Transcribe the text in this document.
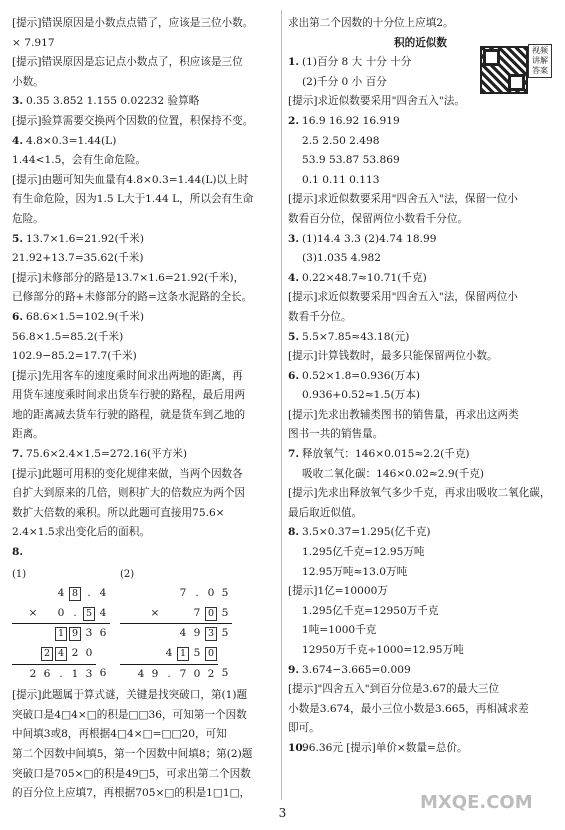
[提示]错误原因是小数点点错了，应该是三位小数。
× 7.917
[提示]错误原因是忘记点小数点了，积应该是三位
小数。
3. 0.35 3.852 1.155 0.02232 验算略
[提示]验算需要交换两个因数的位置，积保持不变。
4. 4.8×0.3=1.44(L)
1.44<1.5，会有生命危险。
[提示]由题可知失血量有4.8×0.3=1.44(L)以上时
有生命危险，因为1.5 L大于1.44 L，所以会有生命
危险。
5. 13.7×1.6=21.92(千米)
21.92+13.7=35.62(千米)
[提示]未修部分的路是13.7×1.6=21.92(千米)，
已修部分的路+未修部分的路=这条水泥路的全长。
6. 68.6×1.5=102.9(千米)
56.8×1.5=85.2(千米)
102.9−85.2=17.7(千米)
[提示]先用客车的速度乘时间求出两地的距离，再
用货车速度乘时间求出货车行驶的路程，最后用两
地的距离减去货车行驶的路程，就是货车到乙地的
距离。
7. 75.6×2.4×1.5=272.16(平方米)
[提示]此题可用积的变化规律来做，当两个因数各
自扩大到原来的几倍，则积扩大的倍数应为两个因
数扩大倍数的乘积。所以此题可直接用75.6×
2.4×1.5求出变化后的面积。
8.
(1)
			4	8	.	4
	×		0	.	5	4
			1	9	3	6
		2	4	2	0	
	2	6	.	1	3	6
(2)
				7	.	0	5
		×			7	0	5
				4	9	3	5
			4	1	5	0	
	4	9	.	7	0	2	5
[提示]此题属于算式谜，关键是找突破口，第(1)题
突破口是4□4×□的积是□□36，可知第一个因数
中间填3或8，再根据4□4×□=□□20，可知
第二个因数中间填5，第一个因数中间填8；第(2)题
突破口是705×□的积是49□5，可求出第二个因数
的百分位上应填7，再根据705×□的积是1□1□，
求出第二个因数的十分位上应填2。
积的近似数
1. (1)百分 8 大 十分 十分
(2)千分 0 小 百分
[提示]求近似数要采用"四舍五入"法。
2. 16.9 16.92 16.919
2.5 2.50 2.498
53.9 53.87 53.869
0.1 0.11 0.113
[提示]求近似数要采用"四舍五入"法，保留一位小
数看百分位，保留两位小数看千分位。
3. (1)14.4 3.3 (2)4.74 18.99
(3)1.035 4.982
4. 0.22×48.7≈10.71(千克)
[提示]求近似数要采用"四舍五入"法，保留两位小
数看千分位。
5. 5.5×7.85≈43.18(元)
[提示]计算钱数时，最多只能保留两位小数。
6. 0.52×1.8=0.936(万本)
0.936+0.52≈1.5(万本)
[提示]先求出教辅类图书的销售量，再求出这两类
图书一共的销售量。
7. 释放氧气：146×0.015≈2.2(千克)
吸收二氧化碳：146×0.02≈2.9(千克)
[提示]先求出释放氧气多少千克，再求出吸收二氧化碳，
最后取近似值。
8. 3.5×0.37=1.295(亿千克)
1.295亿千克=12.95万吨
12.95万吨≈13.0万吨
[提示]1亿=10000万
1.295亿千克=12950万千克
1吨=1000千克
12950万千克÷1000=12.95万吨
9. 3.674−3.665=0.009
[提示]"四舍五入"到百分位是3.67的最大三位
小数是3.674，最小三位小数是3.665，再相减求差
即可。
10.96.36元 [提示]单价×数量=总价。
视频讲解答案
3	MXQE.COM
